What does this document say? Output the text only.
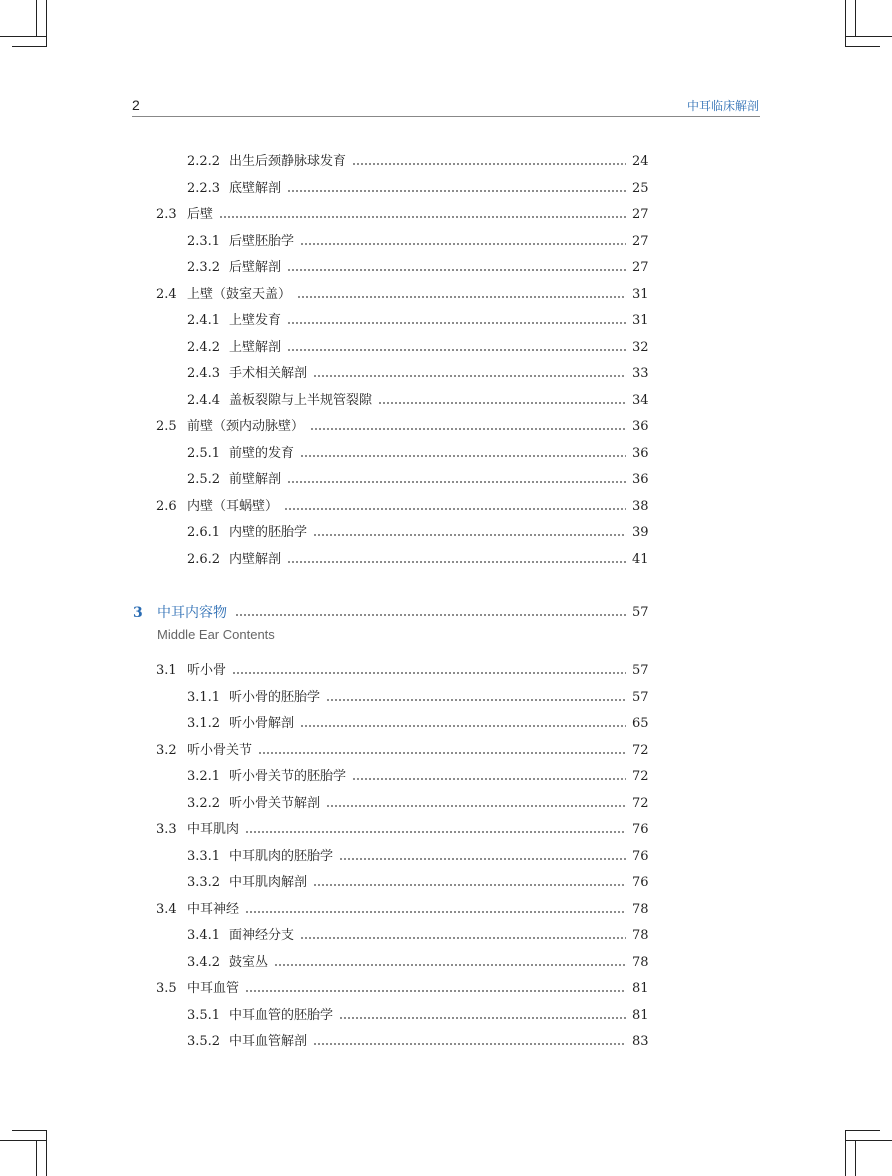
2	中耳临床解剖
2.2.2 出生后颈静脉球发育	24
2.2.3 底壁解剖	25
2.3 后壁	27
2.3.1 后壁胚胎学	27
2.3.2 后壁解剖	27
2.4 上壁（鼓室天盖）	31
2.4.1 上壁发育	31
2.4.2 上壁解剖	32
2.4.3 手术相关解剖	33
2.4.4 盖板裂隙与上半规管裂隙	34
2.5 前壁（颈内动脉壁）	36
2.5.1 前壁的发育	36
2.5.2 前壁解剖	36
2.6 内壁（耳蜗壁）	38
2.6.1 内壁的胚胎学	39
2.6.2 内壁解剖	41
3 中耳内容物	57
Middle Ear Contents
3.1 听小骨	57
3.1.1 听小骨的胚胎学	57
3.1.2 听小骨解剖	65
3.2 听小骨关节	72
3.2.1 听小骨关节的胚胎学	72
3.2.2 听小骨关节解剖	72
3.3 中耳肌肉	76
3.3.1 中耳肌肉的胚胎学	76
3.3.2 中耳肌肉解剖	76
3.4 中耳神经	78
3.4.1 面神经分支	78
3.4.2 鼓室丛	78
3.5 中耳血管	81
3.5.1 中耳血管的胚胎学	81
3.5.2 中耳血管解剖	83
